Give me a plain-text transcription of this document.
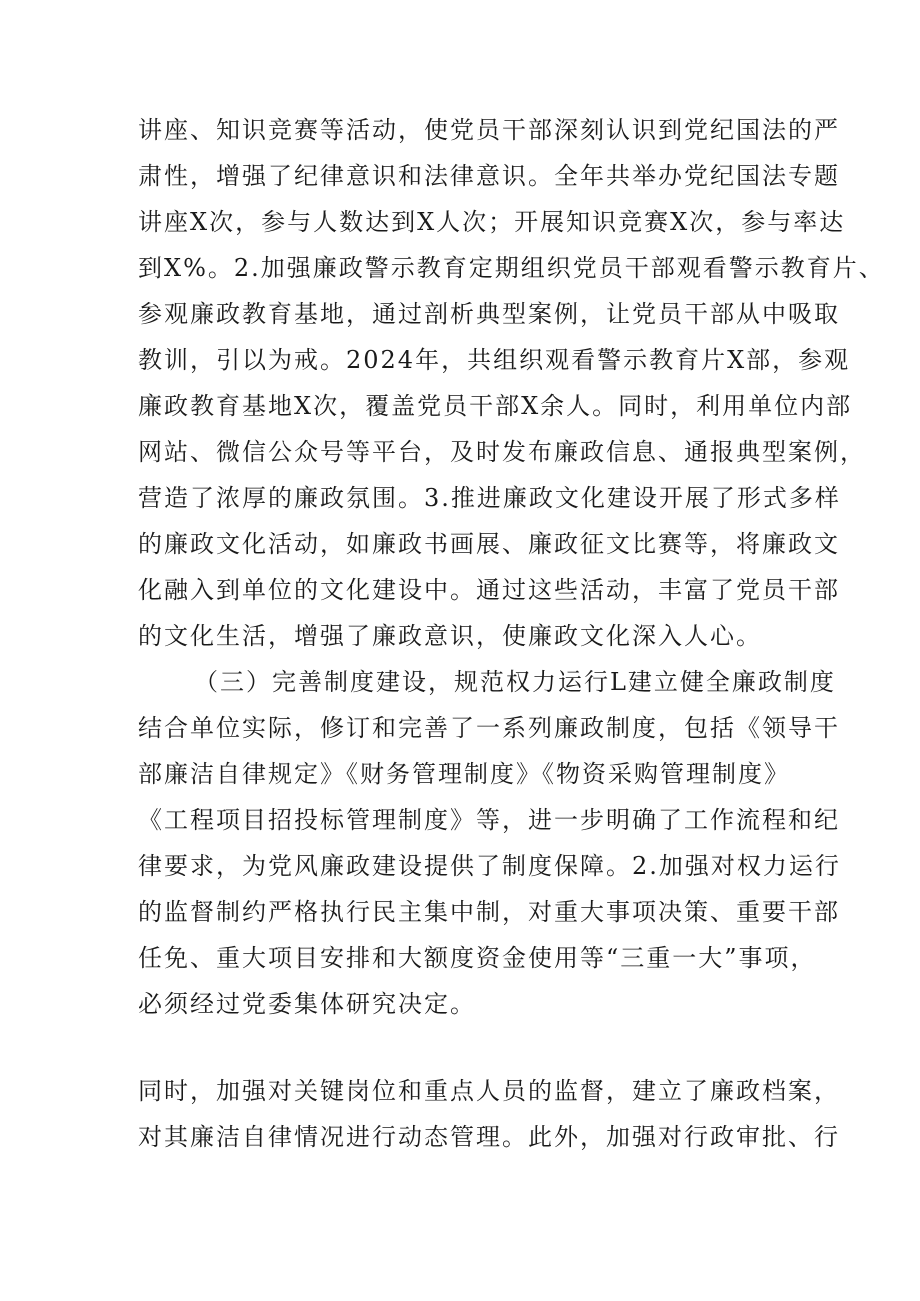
讲座、知识竞赛等活动，使党员干部深刻认识到党纪国法的严
肃性，增强了纪律意识和法律意识。全年共举办党纪国法专题
讲座X次，参与人数达到X人次；开展知识竞赛X次，参与率达
到X%。2.加强廉政警示教育定期组织党员干部观看警示教育片、
参观廉政教育基地，通过剖析典型案例，让党员干部从中吸取
教训，引以为戒。2024年，共组织观看警示教育片X部，参观
廉政教育基地X次，覆盖党员干部X余人。同时，利用单位内部
网站、微信公众号等平台，及时发布廉政信息、通报典型案例，
营造了浓厚的廉政氛围。3.推进廉政文化建设开展了形式多样
的廉政文化活动，如廉政书画展、廉政征文比赛等，将廉政文
化融入到单位的文化建设中。通过这些活动，丰富了党员干部
的文化生活，增强了廉政意识，使廉政文化深入人心。
（三）完善制度建设，规范权力运行L建立健全廉政制度
结合单位实际，修订和完善了一系列廉政制度，包括《领导干
部廉洁自律规定》《财务管理制度》《物资采购管理制度》
《工程项目招投标管理制度》等，进一步明确了工作流程和纪
律要求，为党风廉政建设提供了制度保障。2.加强对权力运行
的监督制约严格执行民主集中制，对重大事项决策、重要干部
任免、重大项目安排和大额度资金使用等“三重一大”事项，
必须经过党委集体研究决定。
同时，加强对关键岗位和重点人员的监督，建立了廉政档案，
对其廉洁自律情况进行动态管理。此外，加强对行政审批、行
